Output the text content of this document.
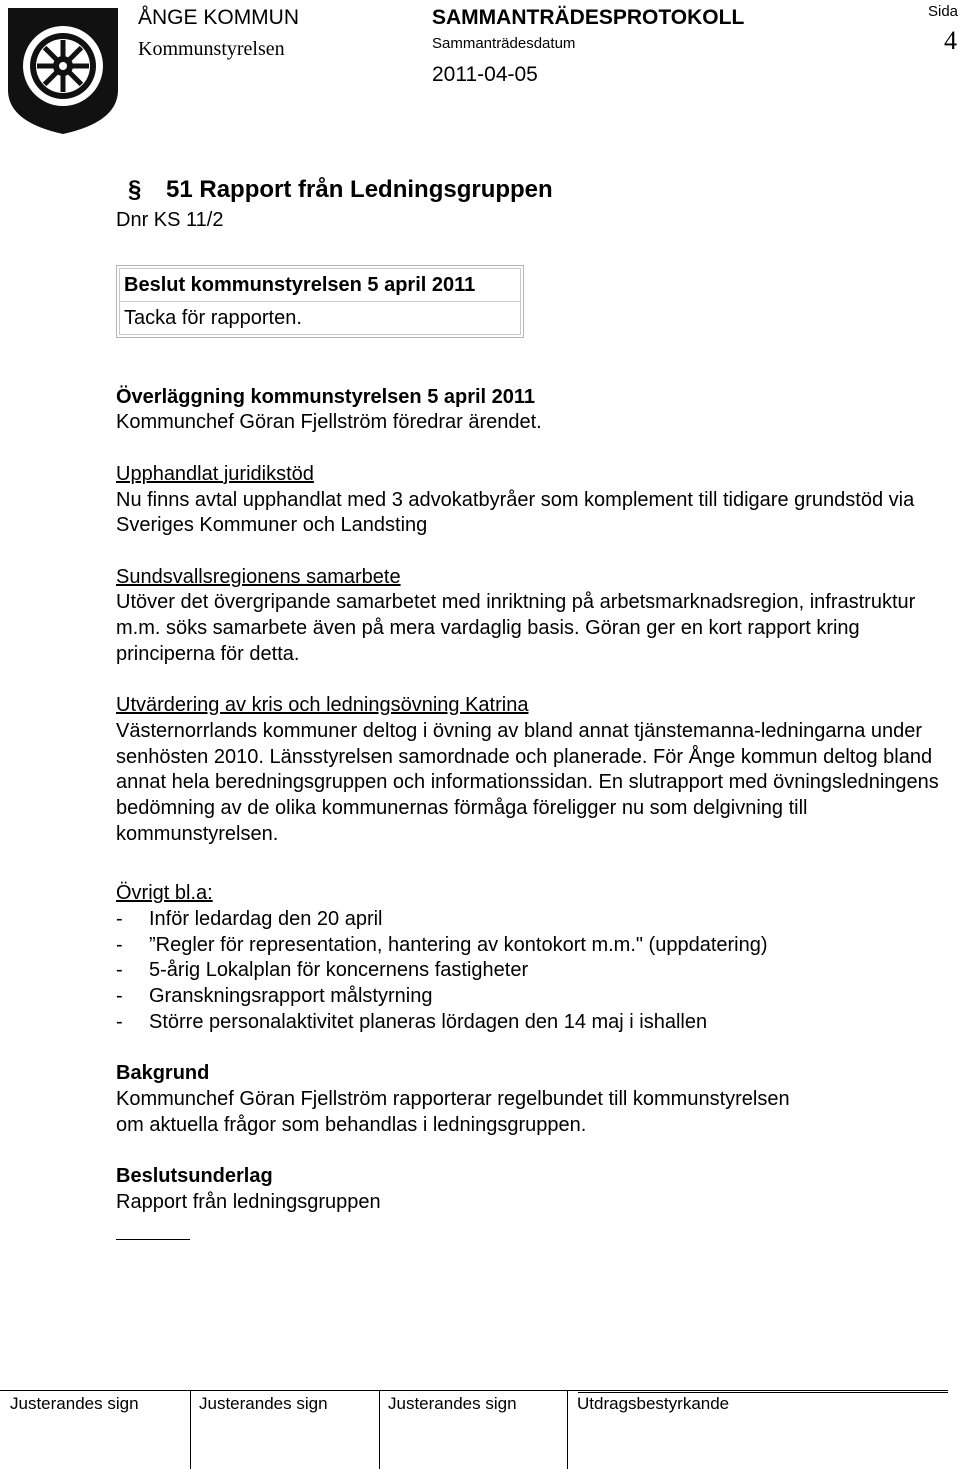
ÅNGE KOMMUN
Kommunstyrelsen
SAMMANTRÄDESPROTOKOLL
Sammanträdesdatum
2011-04-05
Sida
4
§	51 Rapport från Ledningsgruppen
Dnr KS 11/2
Beslut kommunstyrelsen 5 april 2011
Tacka för rapporten.
Överläggning kommunstyrelsen 5 april 2011
Kommunchef Göran Fjellström föredrar ärendet.
Upphandlat juridikstöd
Nu finns avtal upphandlat med 3 advokatbyråer som komplement till tidigare grundstöd via Sveriges Kommuner och Landsting
Sundsvallsregionens samarbete
Utöver det övergripande samarbetet med inriktning på arbetsmarknadsregion, infrastruktur m.m. söks samarbete även på mera vardaglig basis. Göran ger en kort rapport kring principerna för detta.
Utvärdering av kris och ledningsövning Katrina
Västernorrlands kommuner deltog i övning av bland annat tjänstemanna-ledningarna under senhösten 2010. Länsstyrelsen samordnade och planerade. För Ånge kommun deltog bland annat hela beredningsgruppen och informationssidan. En slutrapport med övningsledningens bedömning av de olika kommunernas förmåga föreligger nu som delgivning till kommunstyrelsen.
Övrigt bl.a:
-	Inför ledardag den 20 april
-	”Regler för representation, hantering av kontokort m.m." (uppdatering)
-	5-årig Lokalplan för koncernens fastigheter
-	Granskningsrapport målstyrning
-	Större personalaktivitet planeras lördagen den 14 maj i ishallen
Bakgrund
Kommunchef Göran Fjellström rapporterar regelbundet till kommunstyrelsen
om aktuella frågor som behandlas i ledningsgruppen.
Beslutsunderlag
Rapport från ledningsgruppen
Justerandes sign	Justerandes sign	Justerandes sign	Utdragsbestyrkande
